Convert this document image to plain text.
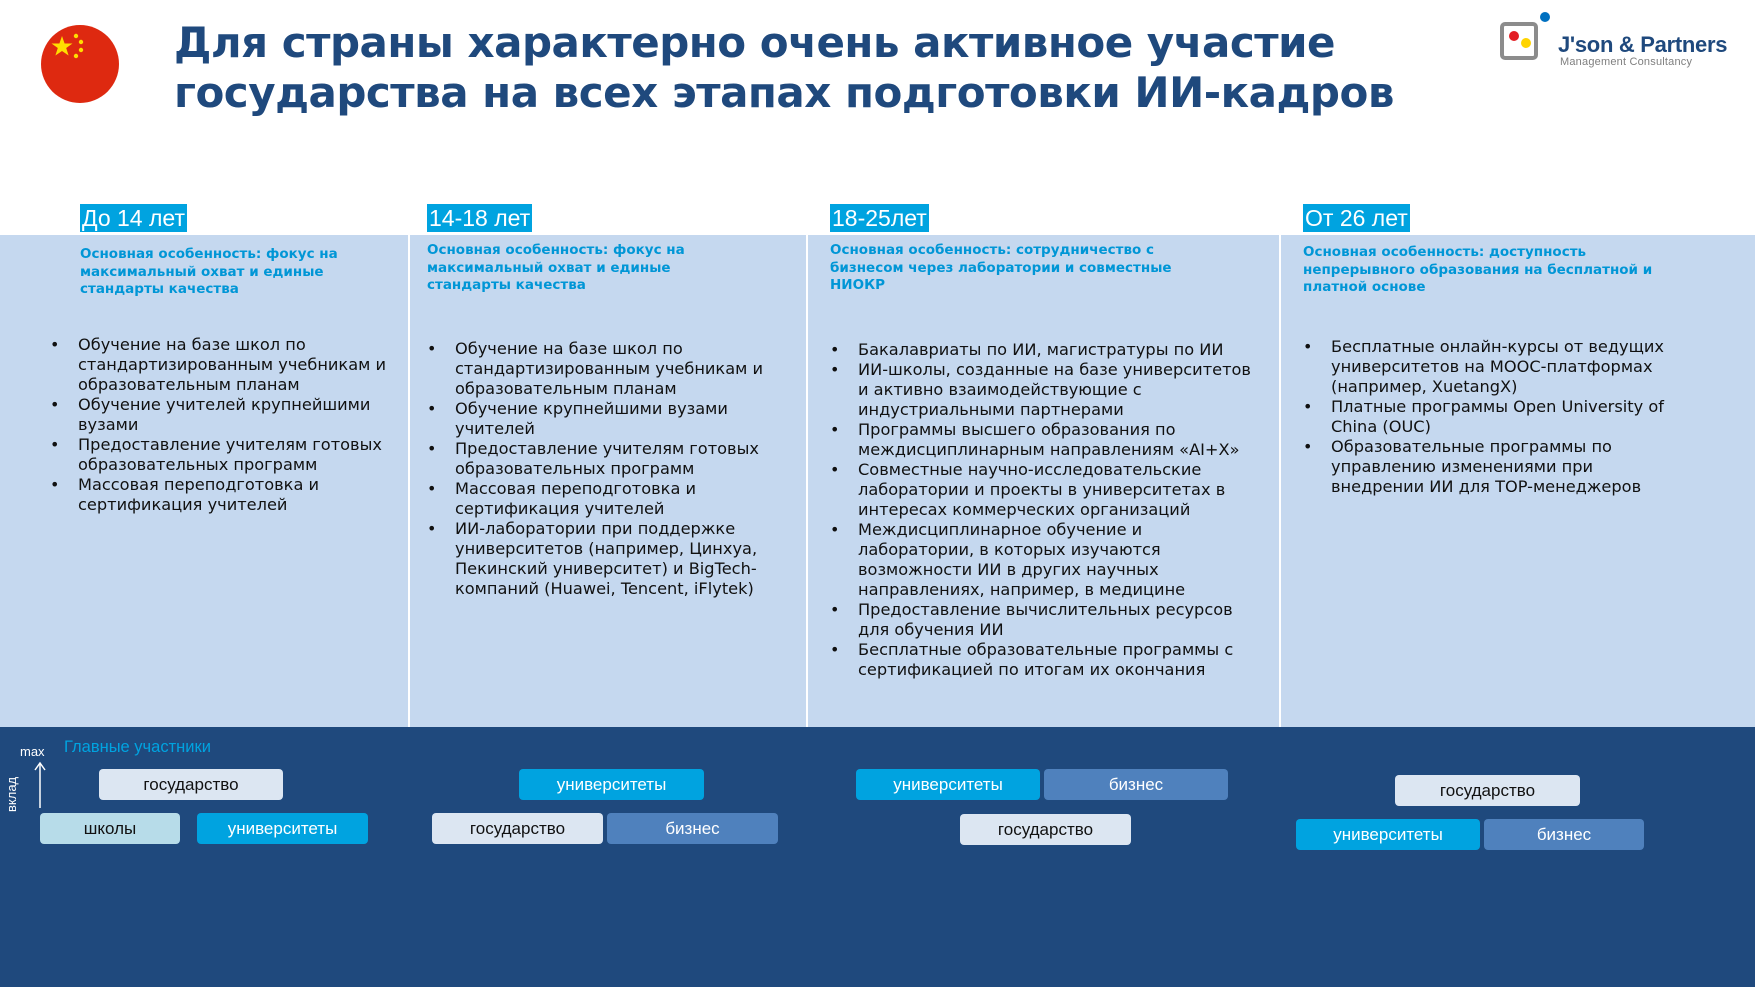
Для страны характерно очень активное участие
государства на всех этапах подготовки ИИ-кадров
J'son & Partners
Management Consultancy
До 14 лет
Основная особенность: фокус на максимальный охват и единые стандарты качества
• Обучение на базе школ по стандартизированным учебникам и образовательным планам
• Обучение учителей крупнейшими вузами
• Предоставление учителям готовых образовательных программ
• Массовая переподготовка и сертификация учителей
14-18 лет
Основная особенность: фокус на максимальный охват и единые стандарты качества
• Обучение на базе школ по стандартизированным учебникам и образовательным планам
• Обучение крупнейшими вузами учителей
• Предоставление учителям готовых образовательных программ
• Массовая переподготовка и сертификация учителей
• ИИ-лаборатории при поддержке университетов (например, Цинхуа, Пекинский университет) и BigTech-компаний (Huawei, Tencent, iFlytek)
18-25лет
Основная особенность: сотрудничество с бизнесом через лаборатории и совместные НИОКР
• Бакалавриаты по ИИ, магистратуры по ИИ
• ИИ-школы, созданные на базе университетов и активно взаимодействующие с индустриальными партнерами
• Программы высшего образования по междисциплинарным направлениям «AI+X»
• Совместные научно-исследовательские лаборатории и проекты в университетах в интересах коммерческих организаций
• Междисциплинарное обучение и лаборатории, в которых изучаются возможности ИИ в других научных направлениях, например, в медицине
• Предоставление вычислительных ресурсов для обучения ИИ
• Бесплатные образовательные программы с сертификацией по итогам их окончания
От 26 лет
Основная особенность: доступность непрерывного образования на бесплатной и платной основе
• Бесплатные онлайн-курсы от ведущих университетов на MOOC-платформах (например, XuetangX)
• Платные программы Open University of China (OUC)
• Образовательные программы по управлению изменениями при внедрении ИИ для TOP-менеджеров
Главные участники
max
вклад	государство
школы	университеты
университеты
государство	бизнес
университеты	бизнес
государство
государство
университеты	бизнес
